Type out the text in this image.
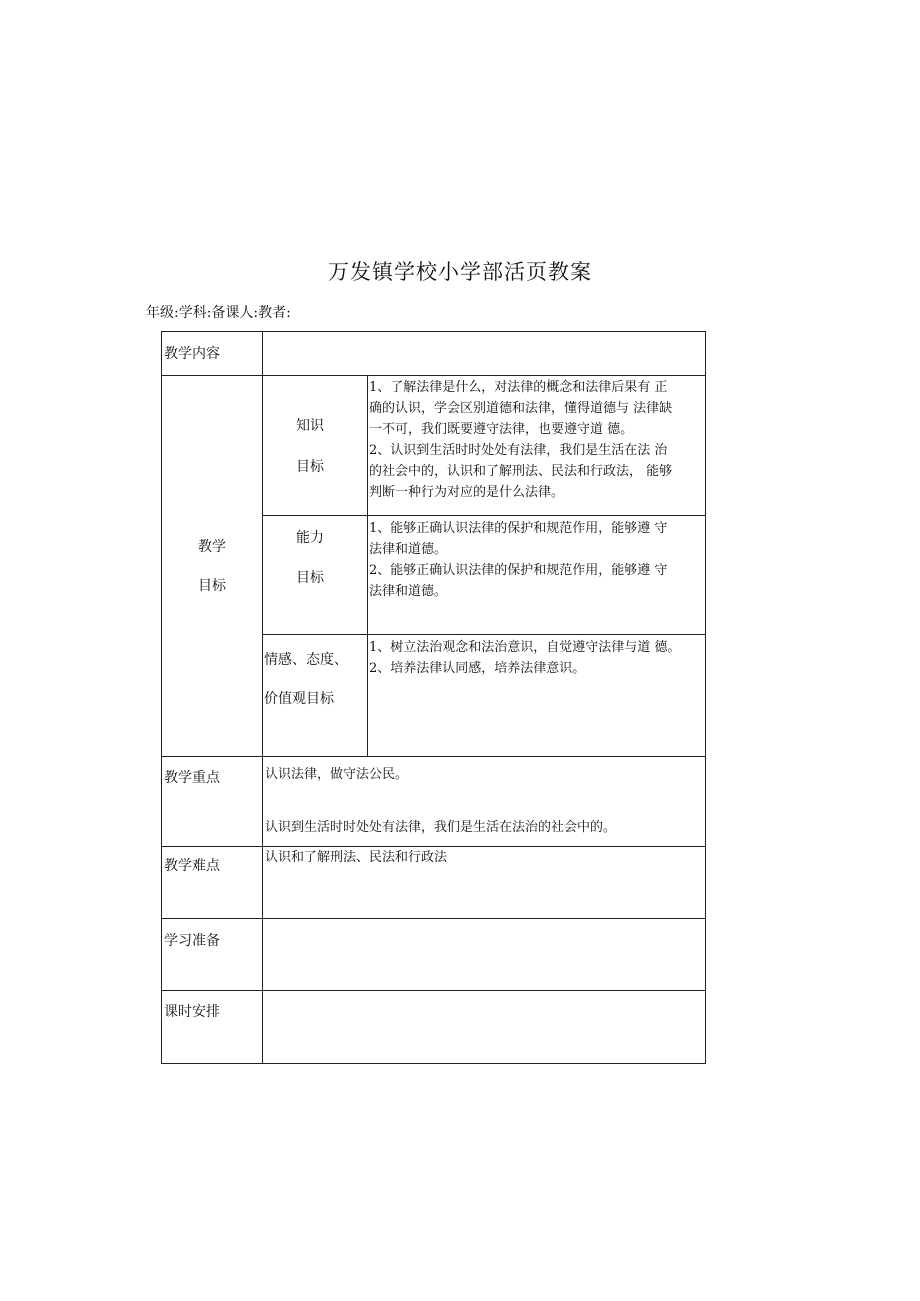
万发镇学校小学部活页教案
年级:学科:备课人:教者:
教学内容
教学
目标
知识
目标
1、了解法律是什么，对法律的概念和法律后果有 正
确的认识，学会区别道德和法律，懂得道德与 法律缺
一不可，我们既要遵守法律，也要遵守道 德。
2、认识到生活时时处处有法律，我们是生活在法 治
的社会中的，认识和了解刑法、民法和行政法， 能够
判断一种行为对应的是什么法律。
能力
目标
1、能够正确认识法律的保护和规范作用，能够遵 守
法律和道德。
2、能够正确认识法律的保护和规范作用，能够遵 守
法律和道德。
情感、态度、
价值观目标
1、树立法治观念和法治意识，自觉遵守法律与道 德。
2、培养法律认同感，培养法律意识。
教学重点	认识法律，做守法公民。
认识到生活时时处处有法律，我们是生活在法治的社会中的。
教学难点
认识和了解刑法、民法和行政法
学习准备
课时安排
